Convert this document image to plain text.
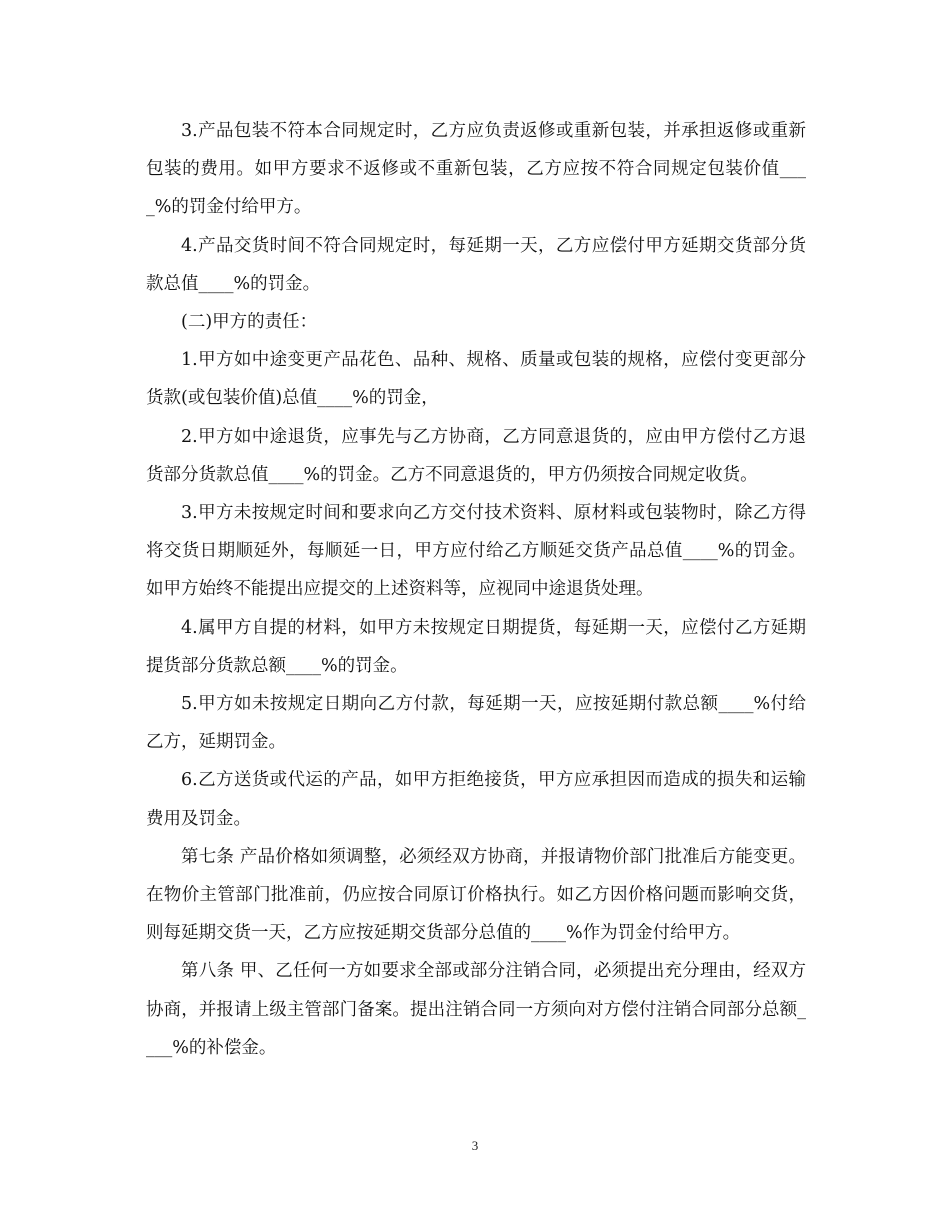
3.产品包装不符本合同规定时，乙方应负责返修或重新包装，并承担返修或重新包装的费用。如甲方要求不返修或不重新包装，乙方应按不符合同规定包装价值____%的罚金付给甲方。

4.产品交货时间不符合同规定时，每延期一天，乙方应偿付甲方延期交货部分货款总值____%的罚金。

(二)甲方的责任：

1.甲方如中途变更产品花色、品种、规格、质量或包装的规格，应偿付变更部分货款(或包装价值)总值____%的罚金，

2.甲方如中途退货，应事先与乙方协商，乙方同意退货的，应由甲方偿付乙方退货部分货款总值____%的罚金。乙方不同意退货的，甲方仍须按合同规定收货。

3.甲方未按规定时间和要求向乙方交付技术资料、原材料或包装物时，除乙方得将交货日期顺延外，每顺延一日，甲方应付给乙方顺延交货产品总值____%的罚金。如甲方始终不能提出应提交的上述资料等，应视同中途退货处理。

4.属甲方自提的材料，如甲方未按规定日期提货，每延期一天，应偿付乙方延期提货部分货款总额____%的罚金。

5.甲方如未按规定日期向乙方付款，每延期一天，应按延期付款总额____%付给乙方，延期罚金。

6.乙方送货或代运的产品，如甲方拒绝接货，甲方应承担因而造成的损失和运输费用及罚金。

第七条 产品价格如须调整，必须经双方协商，并报请物价部门批准后方能变更。在物价主管部门批准前，仍应按合同原订价格执行。如乙方因价格问题而影响交货，则每延期交货一天，乙方应按延期交货部分总值的____%作为罚金付给甲方。

第八条 甲、乙任何一方如要求全部或部分注销合同，必须提出充分理由，经双方协商，并报请上级主管部门备案。提出注销合同一方须向对方偿付注销合同部分总额____%的补偿金。

3
